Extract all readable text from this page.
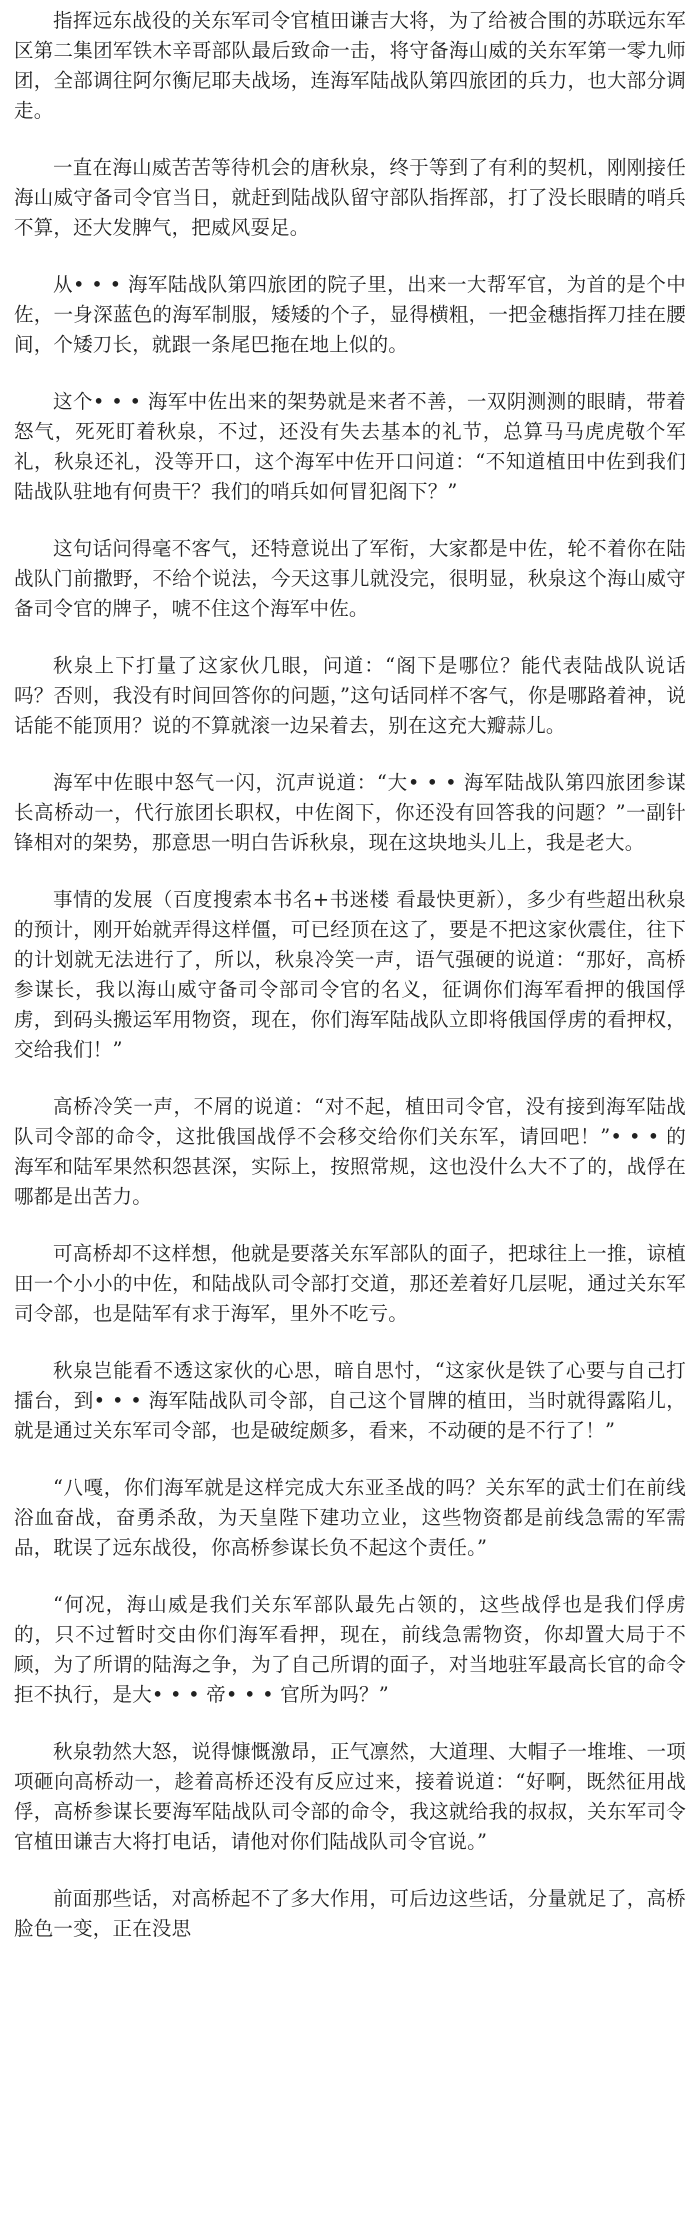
指挥远东战役的关东军司令官植田谦吉大将，为了给被合围的苏联远东军区第二集团军铁木辛哥部队最后致命一击，将守备海山威的关东军第一零九师团，全部调往阿尔衡尼耶夫战场，连海军陆战队第四旅团的兵力，也大部分调走。

一直在海山威苦苦等待机会的唐秋泉，终于等到了有利的契机，刚刚接任海山威守备司令官当日，就赶到陆战队留守部队指挥部，打了没长眼睛的哨兵不算，还大发脾气，把威风耍足。

从• • • 海军陆战队第四旅团的院子里，出来一大帮军官，为首的是个中佐，一身深蓝色的海军制服，矮矮的个子，显得横粗，一把金穗指挥刀挂在腰间，个矮刀长，就跟一条尾巴拖在地上似的。

这个• • • 海军中佐出来的架势就是来者不善，一双阴测测的眼睛，带着怒气，死死盯着秋泉，不过，还没有失去基本的礼节，总算马马虎虎敬个军礼，秋泉还礼，没等开口，这个海军中佐开口问道：“不知道植田中佐到我们陆战队驻地有何贵干？我们的哨兵如何冒犯阁下？”

这句话问得毫不客气，还特意说出了军衔，大家都是中佐，轮不着你在陆战队门前撒野，不给个说法，今天这事儿就没完，很明显，秋泉这个海山威守备司令官的牌子，唬不住这个海军中佐。

秋泉上下打量了这家伙几眼，问道：“阁下是哪位？能代表陆战队说话吗？否则，我没有时间回答你的问题，”这句话同样不客气，你是哪路着神，说话能不能顶用？说的不算就滚一边呆着去，别在这充大瓣蒜儿。

海军中佐眼中怒气一闪，沉声说道：“大• • • 海军陆战队第四旅团参谋长高桥动一，代行旅团长职权，中佐阁下，你还没有回答我的问题？”一副针锋相对的架势，那意思一明白告诉秋泉，现在这块地头儿上，我是老大。

事情的发展（百度搜索本书名+书迷楼 看最快更新），多少有些超出秋泉的预计，刚开始就弄得这样僵，可已经顶在这了，要是不把这家伙震住，往下的计划就无法进行了，所以，秋泉冷笑一声，语气强硬的说道：“那好，高桥参谋长，我以海山威守备司令部司令官的名义，征调你们海军看押的俄国俘虏，到码头搬运军用物资，现在，你们海军陆战队立即将俄国俘虏的看押权，交给我们！”

高桥冷笑一声，不屑的说道：“对不起，植田司令官，没有接到海军陆战队司令部的命令，这批俄国战俘不会移交给你们关东军，请回吧！”• • • 的海军和陆军果然积怨甚深，实际上，按照常规，这也没什么大不了的，战俘在哪都是出苦力。

可高桥却不这样想，他就是要落关东军部队的面子，把球往上一推，谅植田一个小小的中佐，和陆战队司令部打交道，那还差着好几层呢，通过关东军司令部，也是陆军有求于海军，里外不吃亏。

秋泉岂能看不透这家伙的心思，暗自思忖，“这家伙是铁了心要与自己打擂台，到• • • 海军陆战队司令部，自己这个冒牌的植田，当时就得露陷儿，就是通过关东军司令部，也是破绽颇多，看来，不动硬的是不行了！”

“八嘎，你们海军就是这样完成大东亚圣战的吗？关东军的武士们在前线浴血奋战，奋勇杀敌，为天皇陛下建功立业，这些物资都是前线急需的军需品，耽误了远东战役，你高桥参谋长负不起这个责任。”

“何况，海山威是我们关东军部队最先占领的，这些战俘也是我们俘虏的，只不过暂时交由你们海军看押，现在，前线急需物资，你却置大局于不顾，为了所谓的陆海之争，为了自己所谓的面子，对当地驻军最高长官的命令拒不执行，是大• • • 帝• • • 官所为吗？”

秋泉勃然大怒，说得慷慨激昂，正气凛然，大道理、大帽子一堆堆、一项项砸向高桥动一，趁着高桥还没有反应过来，接着说道：“好啊，既然征用战俘，高桥参谋长要海军陆战队司令部的命令，我这就给我的叔叔，关东军司令官植田谦吉大将打电话，请他对你们陆战队司令官说。”

前面那些话，对高桥起不了多大作用，可后边这些话，分量就足了，高桥脸色一变，正在没思
